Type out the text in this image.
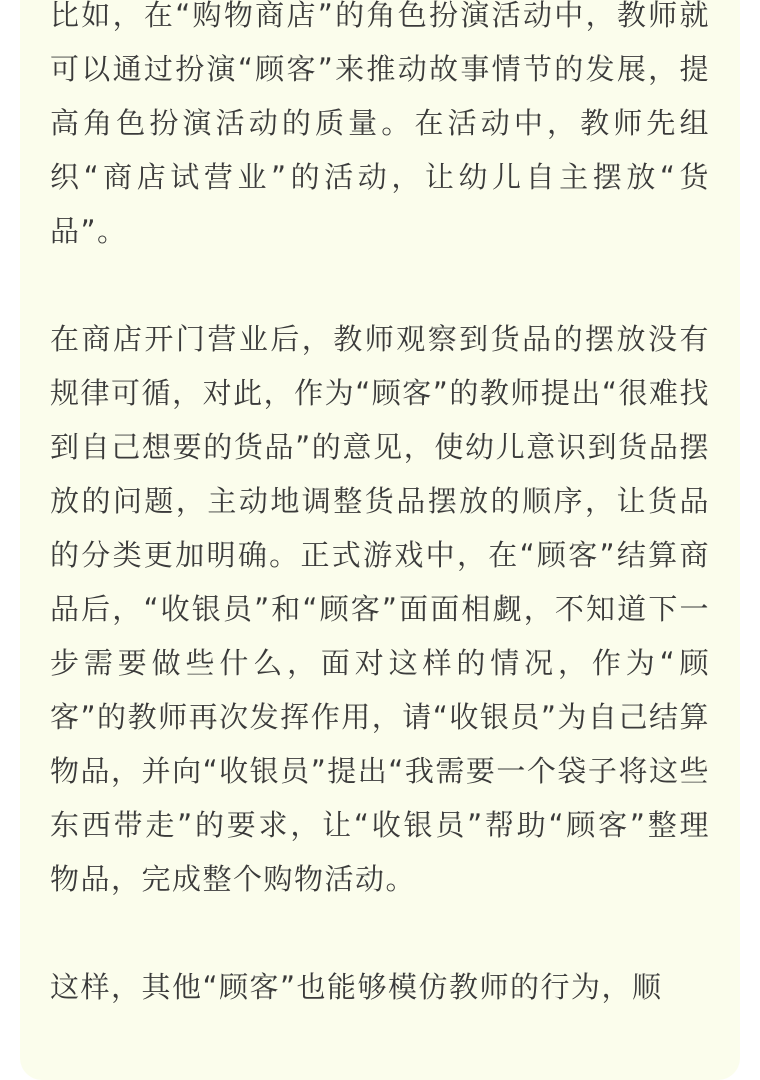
比如，在“购物商店”的角色扮演活动中，教师就可以通过扮演“顾客”来推动故事情节的发展，提高角色扮演活动的质量。在活动中，教师先组织“商店试营业”的活动，让幼儿自主摆放“货品”。

在商店开门营业后，教师观察到货品的摆放没有规律可循，对此，作为“顾客”的教师提出“很难找到自己想要的货品”的意见，使幼儿意识到货品摆放的问题，主动地调整货品摆放的顺序，让货品的分类更加明确。正式游戏中，在“顾客”结算商品后，“收银员”和“顾客”面面相觑，不知道下一步需要做些什么，面对这样的情况，作为“顾客”的教师再次发挥作用，请“收银员”为自己结算物品，并向“收银员”提出“我需要一个袋子将这些东西带走”的要求，让“收银员”帮助“顾客”整理物品，完成整个购物活动。

这样，其他“顾客”也能够模仿教师的行为，顺
